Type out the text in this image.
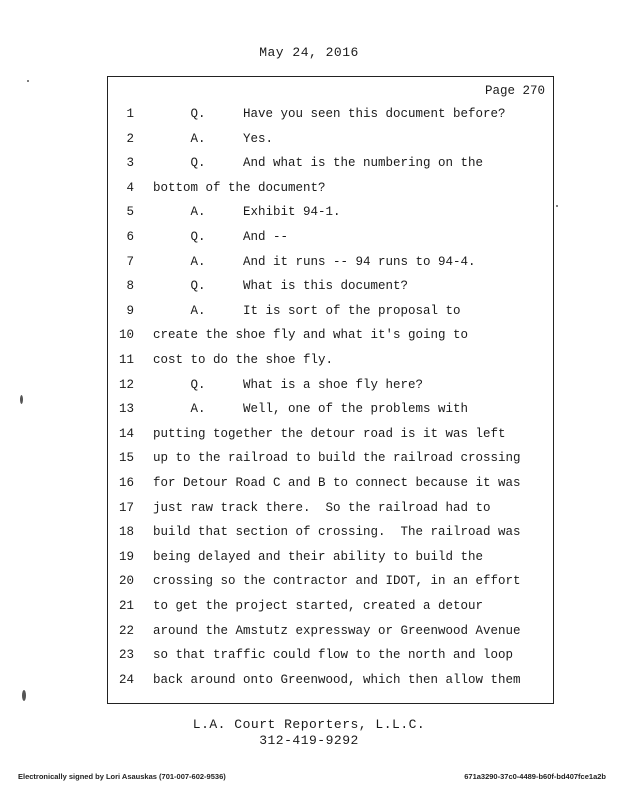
May 24, 2016
Page 270
1 Q.     Have you seen this document before?
2 A.     Yes.
3 Q.     And what is the numbering on the
4 bottom of the document?
5 A.     Exhibit 94-1.
6 Q.     And --
7 A.     And it runs -- 94 runs to 94-4.
8 Q.     What is this document?
9 A.     It is sort of the proposal to
10 create the shoe fly and what it's going to
11 cost to do the shoe fly.
12 Q.     What is a shoe fly here?
13 A.     Well, one of the problems with
14 putting together the detour road is it was left
15 up to the railroad to build the railroad crossing
16 for Detour Road C and B to connect because it was
17 just raw track there.  So the railroad had to
18 build that section of crossing.  The railroad was
19 being delayed and their ability to build the
20 crossing so the contractor and IDOT, in an effort
21 to get the project started, created a detour
22 around the Amstutz expressway or Greenwood Avenue
23 so that traffic could flow to the north and loop
24 back around onto Greenwood, which then allow them
L.A. Court Reporters, L.L.C.
312-419-9292
Electronically signed by Lori Asauskas (701-007-602-9536)	671a3290-37c0-4489-b60f-bd407fce1a2b
